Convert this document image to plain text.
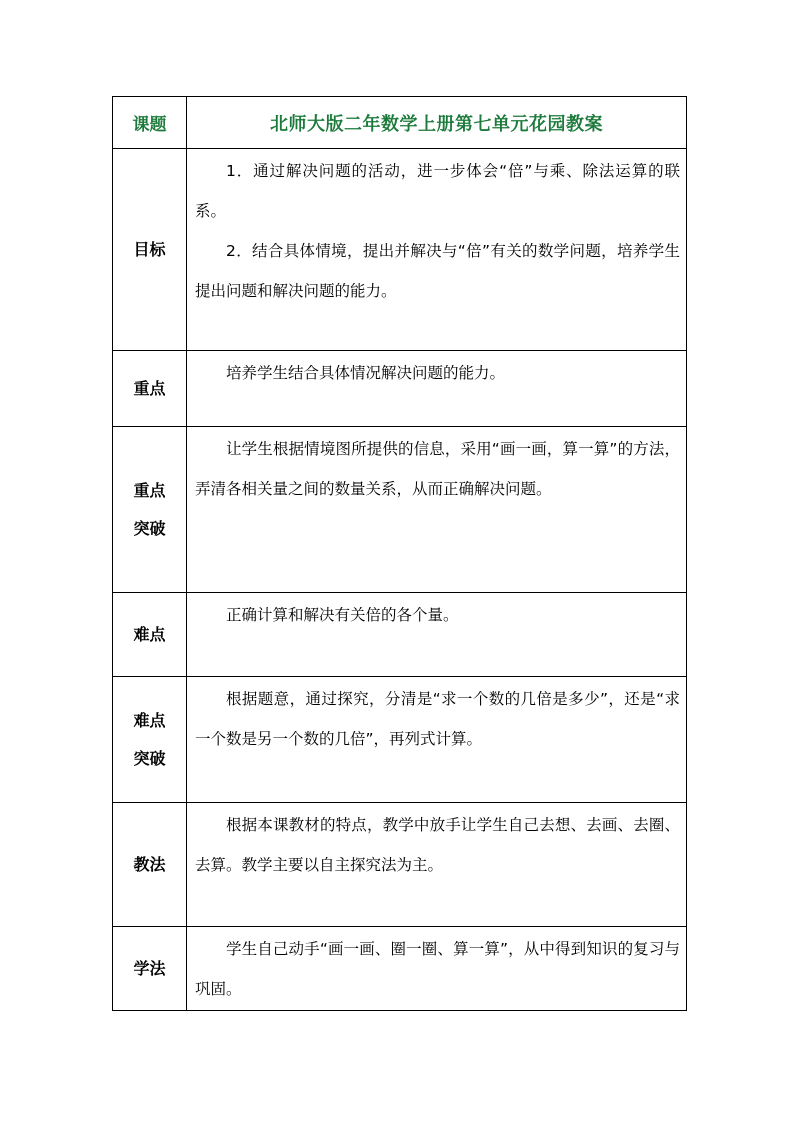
课题	北师大版二年数学上册第七单元花园教案
目标	1．通过解决问题的活动，进一步体会“倍”与乘、除法运算的联系。

2．结合具体情境，提出并解决与“倍”有关的数学问题，培养学生提出问题和解决问题的能力。

重点	培养学生结合具体情况解决问题的能力。

重点
突破	让学生根据情境图所提供的信息，采用“画一画，算一算”的方法，弄清各相关量之间的数量关系，从而正确解决问题。

难点	正确计算和解决有关倍的各个量。

难点
突破	根据题意，通过探究，分清是“求一个数的几倍是多少”，还是“求一个数是另一个数的几倍”，再列式计算。

教法	根据本课教材的特点，教学中放手让学生自己去想、去画、去圈、去算。教学主要以自主探究法为主。

学法	学生自己动手“画一画、圈一圈、算一算”，从中得到知识的复习与巩固。
